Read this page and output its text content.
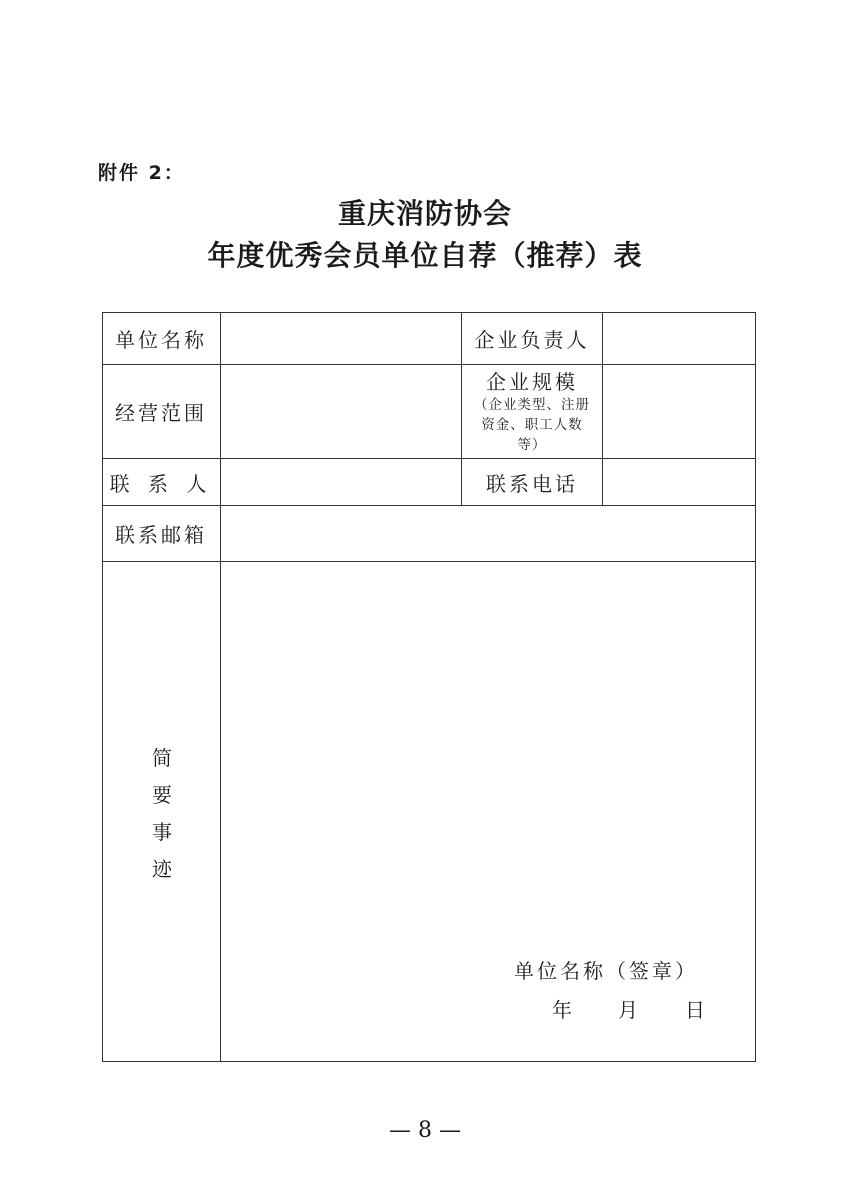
附件 2：
重庆消防协会
年度优秀会员单位自荐（推荐）表
单位名称	企业负责人
经营范围
企业规模
（企业类型、注册资金、职工人数等）
联 系 人	联系电话
联系邮箱
简
要
事
迹
单位名称（签章）
年 月 日
— 8 —
